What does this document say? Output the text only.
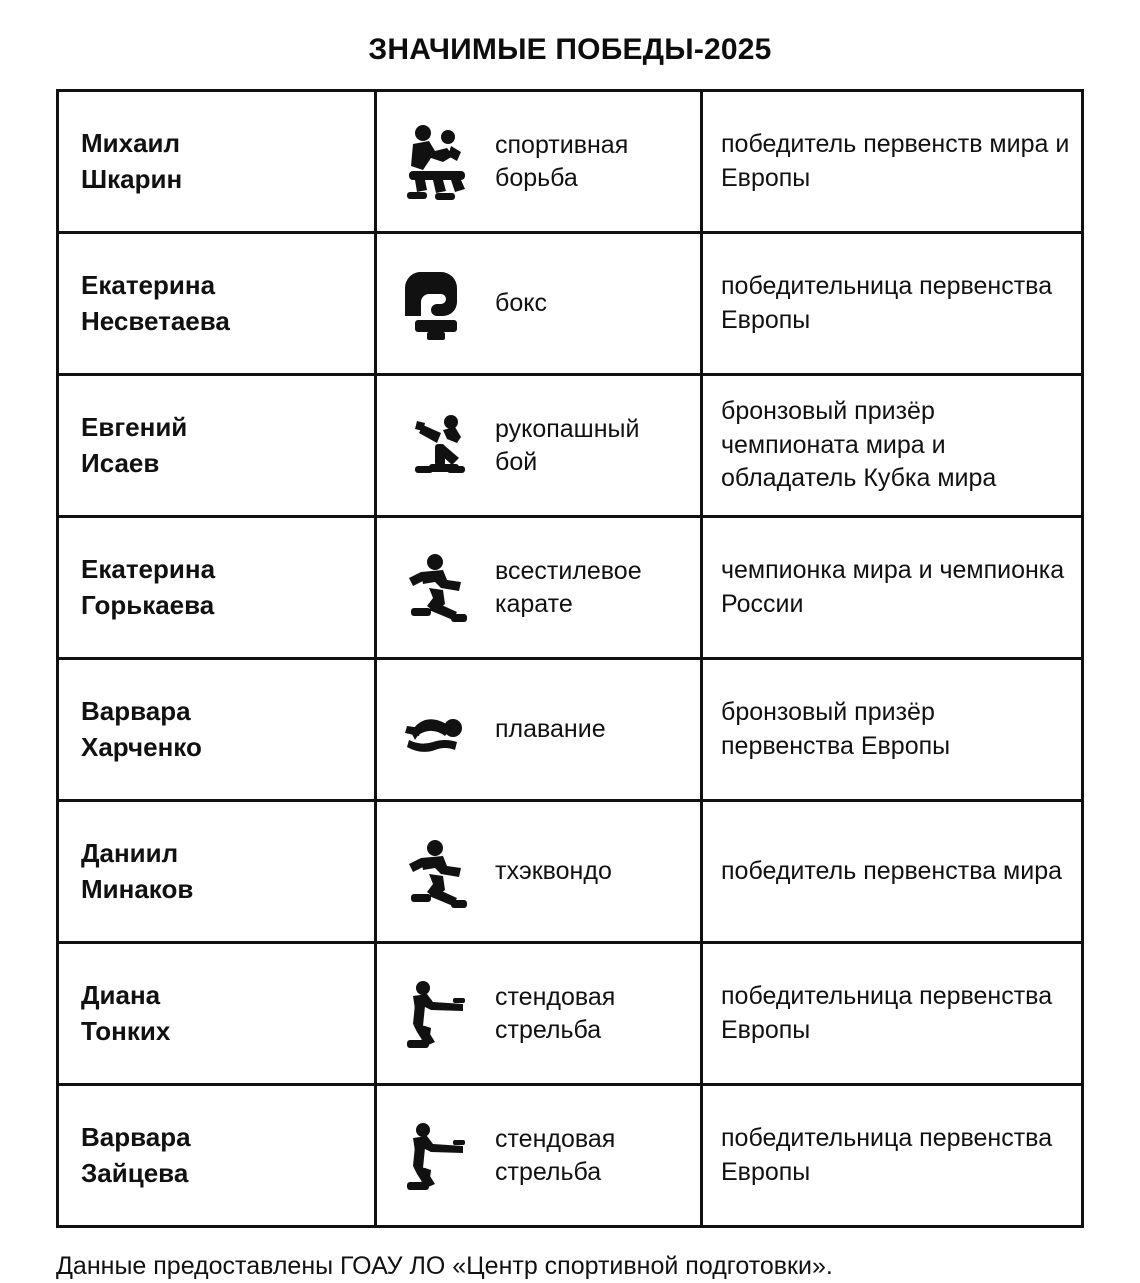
ЗНАЧИМЫЕ ПОБЕДЫ-2025
Михаил
Шкарин
спортивная борьба
победитель первенств мира и Европы
Екатерина
Несветаева
бокс
победительница первенства Европы
Евгений
Исаев
рукопашный бой
бронзовый призёр чемпионата мира и обладатель Кубка мира
Екатерина
Горькаева
всестилевое карате
чемпионка мира и чемпионка России
Варвара
Харченко
плавание
бронзовый призёр первенства Европы
Даниил
Минаков
тхэквондо	победитель первенства мира
Диана
Тонких
стендовая стрельба
победительница первенства Европы
Варвара
Зайцева
стендовая стрельба
победительница первенства Европы
Данные предоставлены ГОАУ ЛО «Центр спортивной подготовки».
